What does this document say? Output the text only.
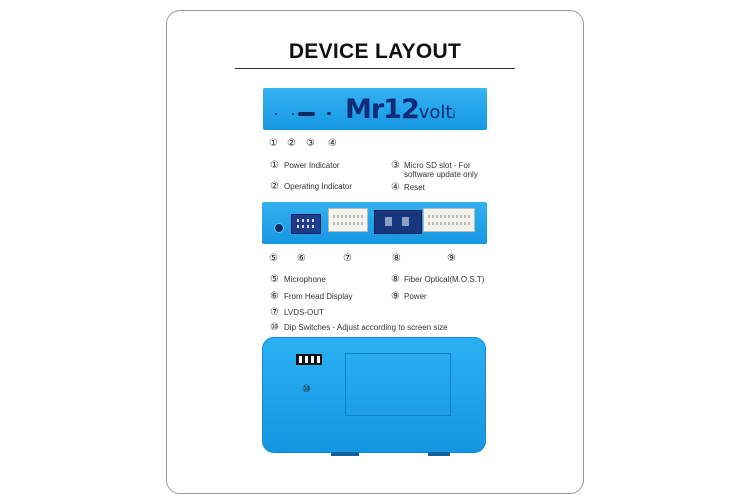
DEVICE LAYOUT
Mr12voltᵢ
① ② ③ ④
① Power Indicator
② Operating Indicator
③ Micro SD slot - For
software update only
④ Reset
⑤ ⑥	⑦	⑧	⑨
⑤ Microphone
⑥ From Head Display
⑦ LVDS-OUT
⑧ Fiber Optical(M.O.S.T)
⑨ Power
⑩ Dip Switches - Adjust according to screen size
⑩
